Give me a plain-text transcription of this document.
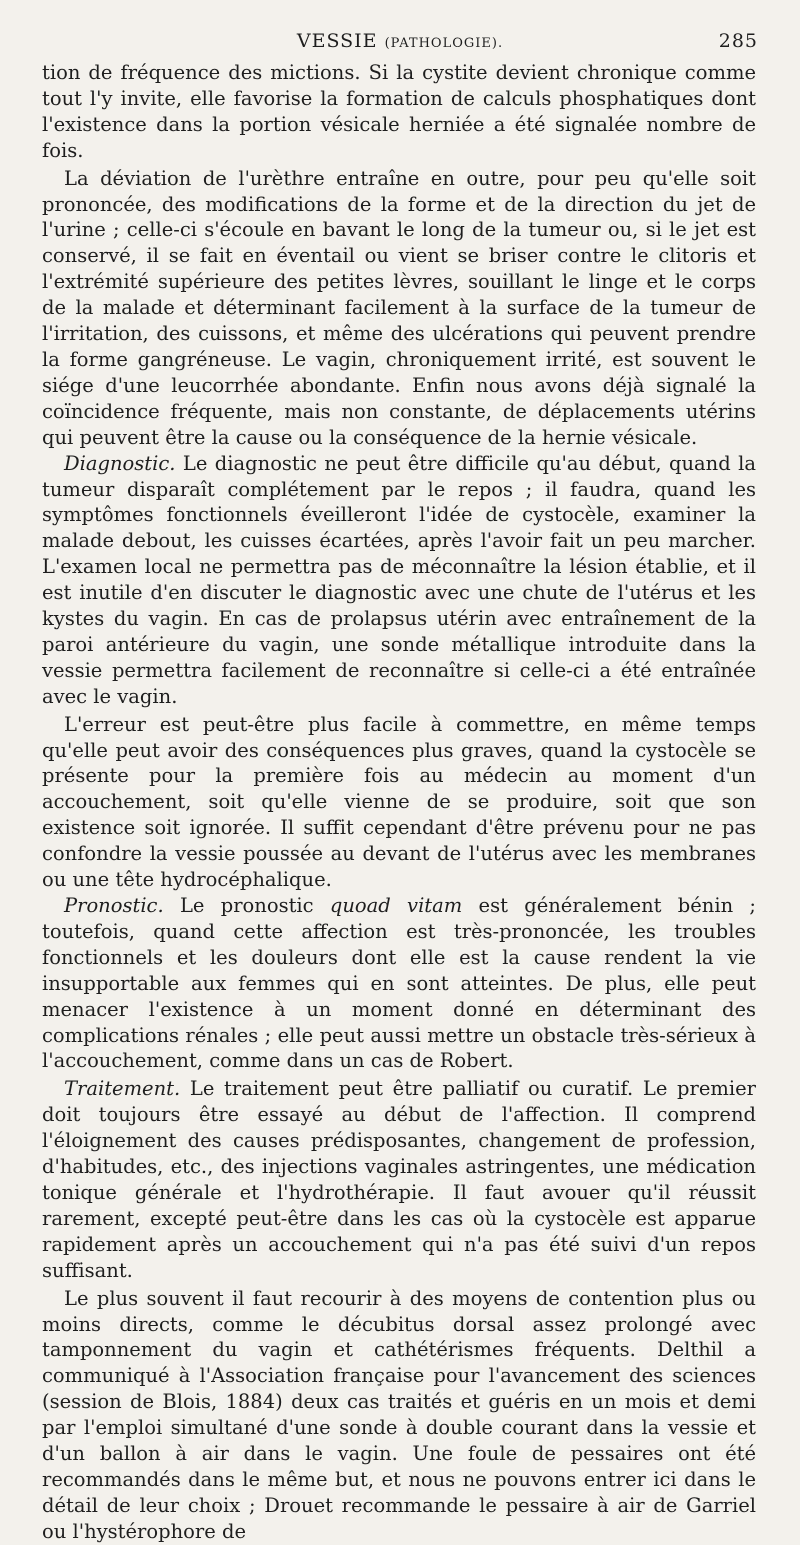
VESSIE (PATHOLOGIE).	285

tion de fréquence des mictions. Si la cystite devient chronique comme tout l'y invite, elle favorise la formation de calculs phosphatiques dont l'existence dans la portion vésicale herniée a été signalée nombre de fois.

La déviation de l'urèthre entraîne en outre, pour peu qu'elle soit prononcée, des modifications de la forme et de la direction du jet de l'urine ; celle-ci s'écoule en bavant le long de la tumeur ou, si le jet est conservé, il se fait en éventail ou vient se briser contre le clitoris et l'extrémité supérieure des petites lèvres, souillant le linge et le corps de la malade et déterminant facilement à la surface de la tumeur de l'irritation, des cuissons, et même des ulcérations qui peuvent prendre la forme gangréneuse. Le vagin, chroniquement irrité, est souvent le siége d'une leucorrhée abondante. Enfin nous avons déjà signalé la coïncidence fréquente, mais non constante, de déplacements utérins qui peuvent être la cause ou la conséquence de la hernie vésicale.

Diagnostic. Le diagnostic ne peut être difficile qu'au début, quand la tumeur disparaît complétement par le repos ; il faudra, quand les symptômes fonctionnels éveilleront l'idée de cystocèle, examiner la malade debout, les cuisses écartées, après l'avoir fait un peu marcher. L'examen local ne permettra pas de méconnaître la lésion établie, et il est inutile d'en discuter le diagnostic avec une chute de l'utérus et les kystes du vagin. En cas de prolapsus utérin avec entraînement de la paroi antérieure du vagin, une sonde métallique introduite dans la vessie permettra facilement de reconnaître si celle-ci a été entraînée avec le vagin.

L'erreur est peut-être plus facile à commettre, en même temps qu'elle peut avoir des conséquences plus graves, quand la cystocèle se présente pour la première fois au médecin au moment d'un accouchement, soit qu'elle vienne de se produire, soit que son existence soit ignorée. Il suffit cependant d'être prévenu pour ne pas confondre la vessie poussée au devant de l'utérus avec les membranes ou une tête hydrocéphalique.

Pronostic. Le pronostic quoad vitam est généralement bénin ; toutefois, quand cette affection est très-prononcée, les troubles fonctionnels et les douleurs dont elle est la cause rendent la vie insupportable aux femmes qui en sont atteintes. De plus, elle peut menacer l'existence à un moment donné en déterminant des complications rénales ; elle peut aussi mettre un obstacle très-sérieux à l'accouchement, comme dans un cas de Robert.

Traitement. Le traitement peut être palliatif ou curatif. Le premier doit toujours être essayé au début de l'affection. Il comprend l'éloignement des causes prédisposantes, changement de profession, d'habitudes, etc., des injections vaginales astringentes, une médication tonique générale et l'hydrothérapie. Il faut avouer qu'il réussit rarement, excepté peut-être dans les cas où la cystocèle est apparue rapidement après un accouchement qui n'a pas été suivi d'un repos suffisant.

Le plus souvent il faut recourir à des moyens de contention plus ou moins directs, comme le décubitus dorsal assez prolongé avec tamponnement du vagin et cathétérismes fréquents. Delthil a communiqué à l'Association française pour l'avancement des sciences (session de Blois, 1884) deux cas traités et guéris en un mois et demi par l'emploi simultané d'une sonde à double courant dans la vessie et d'un ballon à air dans le vagin. Une foule de pessaires ont été recommandés dans le même but, et nous ne pouvons entrer ici dans le détail de leur choix ; Drouet recommande le pessaire à air de Garriel ou l'hystérophore de
